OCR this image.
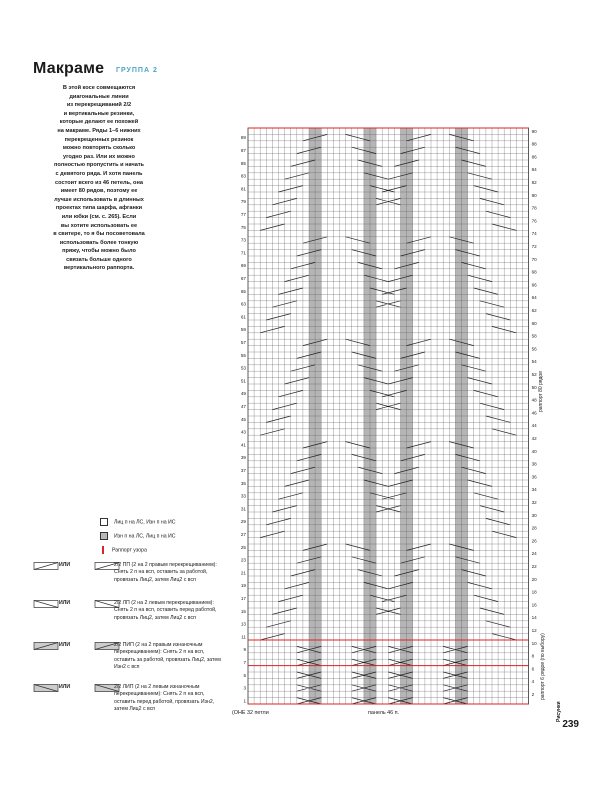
Макраме ГРУППА 2

В этой косе совмещаются

диагональные линии

из перекрещиваний 2/2

и вертикальные резинки,

которые делают ее похожей

на макраме. Ряды 1–6 нижних

перекрещенных резинок

можно повторять сколько

угодно раз. Или их можно

полностью пропустить и начать

с девятого ряда. И хотя панель

состоит всего из 46 петель, она

имеет 80 рядов, поэтому ее

лучше использовать в длинных

проектах типа шарфа, афганки

или юбки (см. с. 265). Если

вы хотите использовать ее

в свитере, то я бы посоветовала

использовать более тонкую

пряжу, чтобы можно было

связать больше одного

вертикального раппорта.

Лиц п на ЛС, Изн п на ИС
Изн п на ЛС, Лиц п на ИС
Раппорт узора
ИЛИ	2/2 ПП (2 на 2 правым перекрещиванием): Снять 2 п на всп, оставить за работой, провязать Лиц2, затем Лиц2 с всп
ИЛИ	2/2 ЛП (2 на 2 левым перекрещиванием): Снять 2 п на всп, оставить перед работой, провязать Лиц2, затем Лиц2 с всп
ИЛИ	2/2 ПИП (2 на 2 правым изнаночным перекрещиванием): Снять 2 п на всп, оставить за работой, провязать Лиц2, затем Изн2 с всп
ИЛИ	2/2 ЛИП (2 на 2 левым изнаночным перекрещиванием): Снять 2 п на всп, оставить перед работой, провязать Изн2, затем Лиц2 с всп
89
87
85
83
81
79
77
75
73
71
69
67
65
63
61
59
57
55
53
51
49
47
45
43
41
39
37
35
33
31
29
27
25
23
21
19
17
15
13
11
9
7
5
3
1
90
88
86
84
82
80
78
76
74
72
70
68
66
64
62
60
58
56
54
52
50
48
46
44
42
40
38
36
34
32
30
28
26
24
22
20
18
16
14
12
10
8
6
4
2
(ОНЕ 32 петли	панель 46 п.
раппорт 80 рядов
раппорт 6 рядов (по выбору)
Рисунки
239
